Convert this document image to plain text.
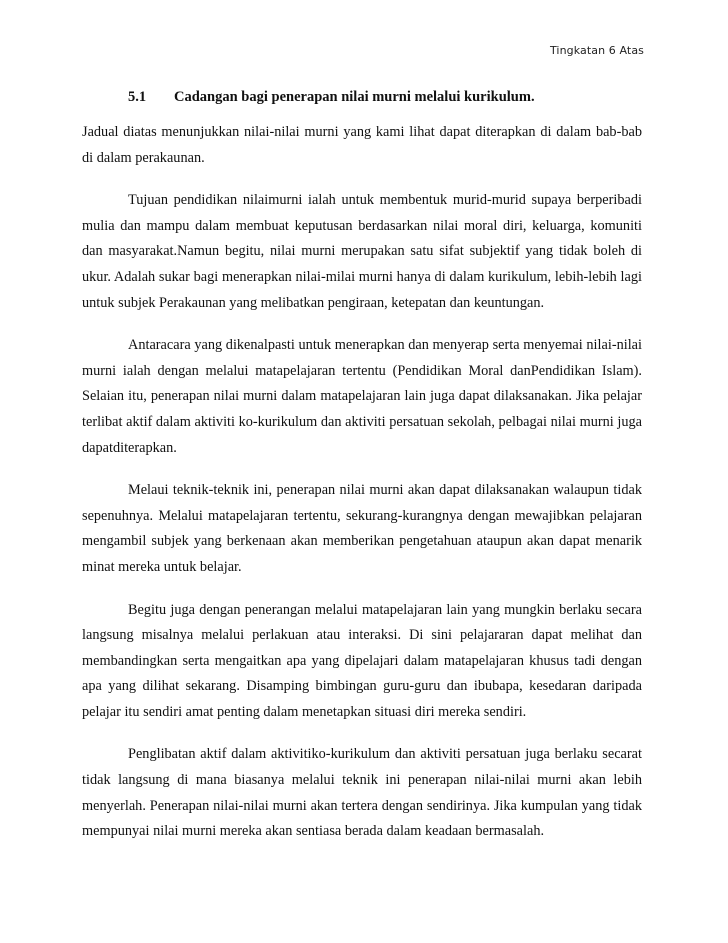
Tingkatan 6 Atas
5.1 Cadangan bagi penerapan nilai murni melalui kurikulum.

Jadual diatas menunjukkan nilai-nilai murni yang kami lihat dapat diterapkan di dalam bab-bab di dalam perakaunan.

Tujuan pendidikan nilaimurni ialah untuk membentuk murid-murid supaya berperibadi mulia dan mampu dalam membuat keputusan berdasarkan nilai moral diri, keluarga, komuniti dan masyarakat.Namun begitu, nilai murni merupakan satu sifat subjektif yang tidak boleh di ukur. Adalah sukar bagi menerapkan nilai-milai murni hanya di dalam kurikulum, lebih-lebih lagi untuk subjek Perakaunan yang melibatkan pengiraan, ketepatan dan keuntungan.

Antaracara yang dikenalpasti untuk menerapkan dan menyerap serta menyemai nilai-nilai murni ialah dengan melalui matapelajaran tertentu (Pendidikan Moral danPendidikan Islam). Selaian itu, penerapan nilai murni dalam matapelajaran lain juga dapat dilaksanakan. Jika pelajar terlibat aktif dalam aktiviti ko-kurikulum dan aktiviti persatuan sekolah, pelbagai nilai murni juga dapatditerapkan.

Melaui teknik-teknik ini, penerapan nilai murni akan dapat dilaksanakan walaupun tidak sepenuhnya. Melalui matapelajaran tertentu, sekurang-kurangnya dengan mewajibkan pelajaran mengambil subjek yang berkenaan akan memberikan pengetahuan ataupun akan dapat menarik minat mereka untuk belajar.

Begitu juga dengan penerangan melalui matapelajaran lain yang mungkin berlaku secara langsung misalnya melalui perlakuan atau interaksi. Di sini pelajararan dapat melihat dan membandingkan serta mengaitkan apa yang dipelajari dalam matapelajaran khusus tadi dengan apa yang dilihat sekarang. Disamping bimbingan guru-guru dan ibubapa, kesedaran daripada pelajar itu sendiri amat penting dalam menetapkan situasi diri mereka sendiri.

Penglibatan aktif dalam aktivitiko-kurikulum dan aktiviti persatuan juga berlaku secarat tidak langsung di mana biasanya melalui teknik ini penerapan nilai-nilai murni akan lebih menyerlah. Penerapan nilai-nilai murni akan tertera dengan sendirinya. Jika kumpulan yang tidak mempunyai nilai murni mereka akan sentiasa berada dalam keadaan bermasalah.
